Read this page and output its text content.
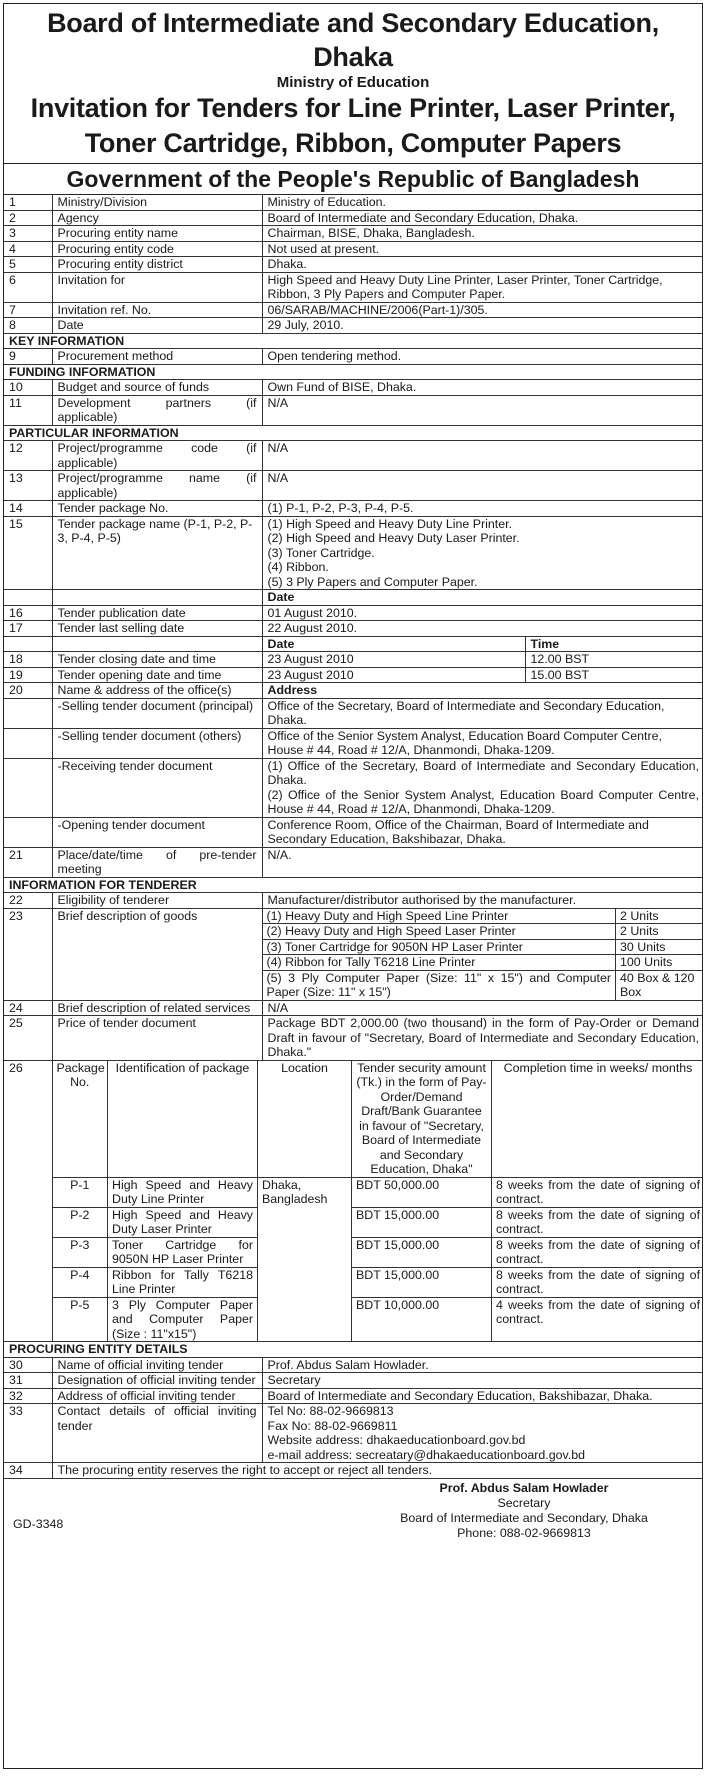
Board of Intermediate and Secondary Education, Dhaka
Ministry of Education
Invitation for Tenders for Line Printer, Laser Printer,
Toner Cartridge, Ribbon, Computer Papers
Government of the People's Republic of Bangladesh
1	Ministry/Division	Ministry of Education.
2	Agency	Board of Intermediate and Secondary Education, Dhaka.
3	Procuring entity name	Chairman, BISE, Dhaka, Bangladesh.
4	Procuring entity code	Not used at present.
5	Procuring entity district	Dhaka.
6	Invitation for	High Speed and Heavy Duty Line Printer, Laser Printer, Toner Cartridge, Ribbon, 3 Ply Papers and Computer Paper.
7	Invitation ref. No.	06/SARAB/MACHINE/2006(Part-1)/305.
8	Date	29 July, 2010.
KEY INFORMATION
9	Procurement method	Open tendering method.
FUNDING INFORMATION
10	Budget and source of funds	Own Fund of BISE, Dhaka.
11	Development partners (if applicable)	N/A
PARTICULAR INFORMATION
12	Project/programme code (if applicable)	N/A
13	Project/programme name (if applicable)	N/A
14	Tender package No.	(1) P-1, P-2, P-3, P-4, P-5.
15	Tender package name (P-1, P-2, P-3, P-4, P-5)	
(1) High Speed and Heavy Duty Line Printer.
(2) High Speed and Heavy Duty Laser Printer.
(3) Toner Cartridge.
(4) Ribbon.
(5) 3 Ply Papers and Computer Paper.

		Date
16	Tender publication date	01 August 2010.
17	Tender last selling date	22 August 2010.
		Date	Time
18	Tender closing date and time	23 August 2010	12.00 BST
19	Tender opening date and time	23 August 2010	15.00 BST
20	Name & address of the office(s)	Address
	-Selling tender document (principal)	Office of the Secretary, Board of Intermediate and Secondary Education, Dhaka.
	-Selling tender document (others)	Office of the Senior System Analyst, Education Board Computer Centre, House # 44, Road # 12/A, Dhanmondi, Dhaka-1209.
	-Receiving tender document	(1) Office of the Secretary, Board of Intermediate and Secondary Education, Dhaka.
(2) Office of the Senior System Analyst, Education Board Computer Centre, House # 44, Road # 12/A, Dhanmondi, Dhaka-1209.

	-Opening tender document	Conference Room, Office of the Chairman, Board of Intermediate and Secondary Education, Bakshibazar, Dhaka.
21	Place/date/time of pre-tender meeting	N/A.
INFORMATION FOR TENDERER
22	Eligibility of tenderer	Manufacturer/distributor authorised by the manufacturer.
23	Brief description of goods		(1) Heavy Duty and High Speed Line Printer	2 Units
(2) Heavy Duty and High Speed Laser Printer	2 Units
(3) Toner Cartridge for 9050N HP Laser Printer	30 Units
(4) Ribbon for Tally T6218 Line Printer	100 Units
(5) 3 Ply Computer Paper (Size: 11" x 15") and Computer Paper (Size: 11" x 15")	40 Box & 120 Box

24	Brief description of related services	N/A
25	Price of tender document	Package BDT 2,000.00 (two thousand) in the form of Pay-Order or Demand Draft in favour of "Secretary, Board of Intermediate and Secondary Education, Dhaka."
26		Package No.	Identification of package	Location	Tender security amount (Tk.) in the form of Pay-Order/Demand Draft/Bank Guarantee in favour of "Secretary, Board of Intermediate and Secondary Education, Dhaka"	Completion time in weeks/ months
P-1	High Speed and Heavy Duty Line Printer	Dhaka, Bangladesh	BDT 50,000.00	8 weeks from the date of signing of contract.
P-2	High Speed and Heavy Duty Laser Printer	BDT 15,000.00	8 weeks from the date of signing of contract.
P-3	Toner Cartridge for 9050N HP Laser Printer	BDT 15,000.00	8 weeks from the date of signing of contract.
P-4	Ribbon for Tally T6218 Line Printer	BDT 15,000.00	8 weeks from the date of signing of contract.
P-5	3 Ply Computer Paper and Computer Paper (Size : 11"x15")	BDT 10,000.00	4 weeks from the date of signing of contract.

PROCURING ENTITY DETAILS
30	Name of official inviting tender	Prof. Abdus Salam Howlader.
31	Designation of official inviting tender	Secretary
32	Address of official inviting tender	Board of Intermediate and Secondary Education, Bakshibazar, Dhaka.
33	Contact details of official inviting tender	
Tel No: 88-02-9669813
Fax No: 88-02-9669811
Website address: dhakaeducationboard.gov.bd
e-mail address: secreatary@dhakaeducationboard.gov.bd

34	The procuring entity reserves the right to accept or reject all tenders.
Prof. Abdus Salam Howlader
Secretary
Board of Intermediate and Secondary, Dhaka
Phone: 088-02-9669813
GD-3348
